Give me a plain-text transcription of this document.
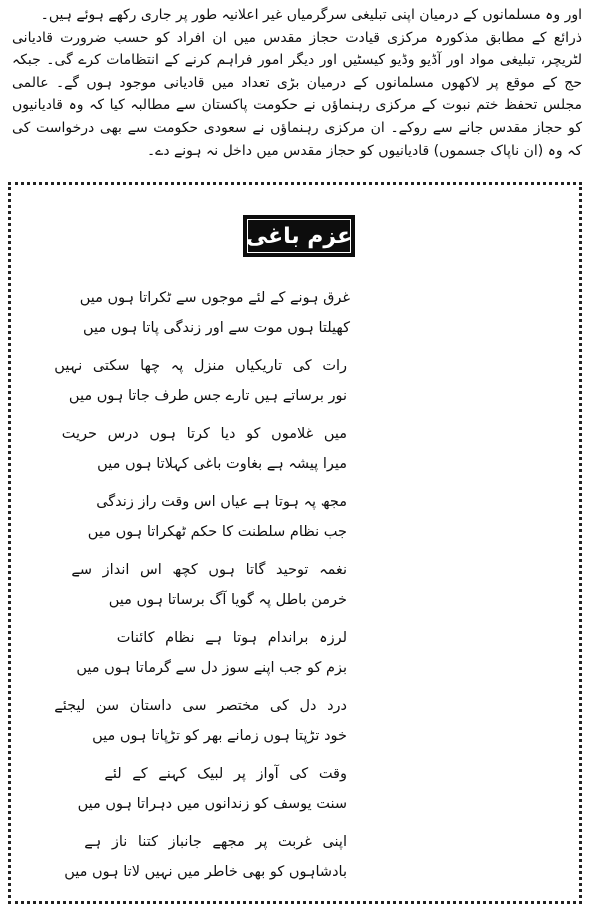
اور وہ مسلمانوں کے درمیان اپنی تبلیغی سرگرمیاں غیر اعلانیہ طور پر جاری رکھے ہوئے ہیں۔

ذرائع کے مطابق مذکورہ مرکزی قیادت حجاز مقدس میں ان افراد کو حسب ضرورت قادیانی لٹریچر، تبلیغی مواد اور آڈیو وڈیو کیسٹیں اور دیگر امور فراہم کرنے کے انتظامات کرے گی۔ جبکہ حج کے موقع پر لاکھوں مسلمانوں کے درمیان بڑی تعداد میں قادیانی موجود ہوں گے۔ عالمی مجلس تحفظ ختم نبوت کے مرکزی رہنماؤں نے حکومت پاکستان سے مطالبہ کیا کہ وہ قادیانیوں کو حجاز مقدس جانے سے روکے۔ ان مرکزی رہنماؤں نے سعودی حکومت سے بھی درخواست کی کہ وہ (ان ناپاک جسموں) قادیانیوں کو حجاز مقدس میں داخل نہ ہونے دے۔

عزم باغی
غرق ہونے کے لئے موجوں سے ٹکراتا ہوں میں
کھیلتا ہوں موت سے اور زندگی پاتا ہوں میں
رات کی تاریکیاں منزل پہ چھا سکتی نہیں
نور برساتے ہیں تارے جس طرف جاتا ہوں میں
میں غلاموں کو دیا کرتا ہوں درس حریت
میرا پیشہ ہے بغاوت باغی کہلاتا ہوں میں
مجھ پہ ہوتا ہے عیاں اس وقت راز زندگی
جب نظام سلطنت کا حکم ٹھکراتا ہوں میں
نغمہ توحید گاتا ہوں کچھ اس انداز سے
خرمن باطل پہ گویا آگ برساتا ہوں میں
لرزہ براندام ہوتا ہے نظام کائنات
بزم کو جب اپنے سوز دل سے گرماتا ہوں میں
درد دل کی مختصر سی داستان سن لیجئے
خود تڑپتا ہوں زمانے بھر کو تڑپاتا ہوں میں
وقت کی آواز پر لبیک کہنے کے لئے
سنت یوسف کو زندانوں میں دہراتا ہوں میں
اپنی غربت پر مجھے جانباز کتنا ناز ہے
بادشاہوں کو بھی خاطر میں نہیں لاتا ہوں میں
